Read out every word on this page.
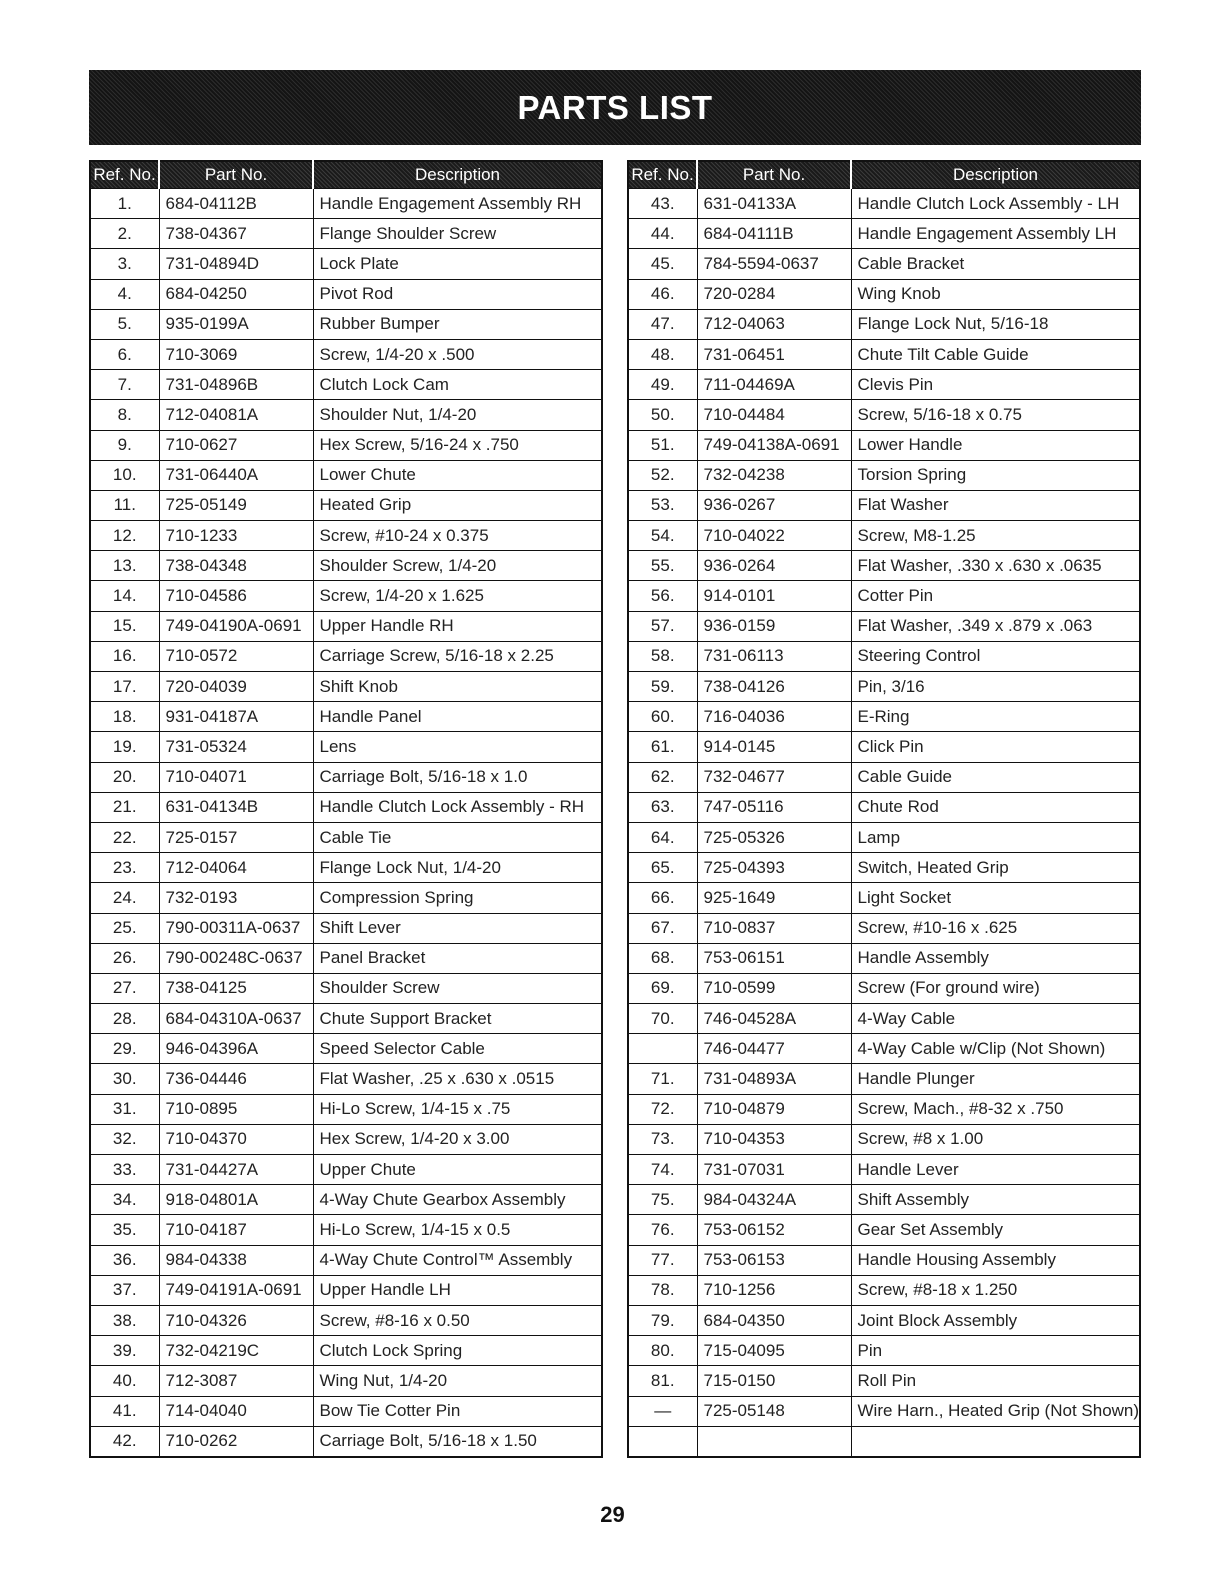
PARTS LIST
Ref. No.	Part No.	Description
1.	684-04112B	Handle Engagement Assembly RH
2.	738-04367	Flange Shoulder Screw
3.	731-04894D	Lock Plate
4.	684-04250	Pivot Rod
5.	935-0199A	Rubber Bumper
6.	710-3069	Screw, 1/4-20 x .500
7.	731-04896B	Clutch Lock Cam
8.	712-04081A	Shoulder Nut, 1/4-20
9.	710-0627	Hex Screw, 5/16-24 x .750
10.	731-06440A	Lower Chute
11.	725-05149	Heated Grip
12.	710-1233	Screw, #10-24 x 0.375
13.	738-04348	Shoulder Screw, 1/4-20
14.	710-04586	Screw, 1/4-20 x 1.625
15.	749-04190A-0691	Upper Handle RH
16.	710-0572	Carriage Screw, 5/16-18 x 2.25
17.	720-04039	Shift Knob
18.	931-04187A	Handle Panel
19.	731-05324	Lens
20.	710-04071	Carriage Bolt, 5/16-18 x 1.0
21.	631-04134B	Handle Clutch Lock Assembly - RH
22.	725-0157	Cable Tie
23.	712-04064	Flange Lock Nut, 1/4-20
24.	732-0193	Compression Spring
25.	790-00311A-0637	Shift Lever
26.	790-00248C-0637	Panel Bracket
27.	738-04125	Shoulder Screw
28.	684-04310A-0637	Chute Support Bracket
29.	946-04396A	Speed Selector Cable
30.	736-04446	Flat Washer, .25 x .630 x .0515
31.	710-0895	Hi-Lo Screw, 1/4-15 x .75
32.	710-04370	Hex Screw, 1/4-20 x 3.00
33.	731-04427A	Upper Chute
34.	918-04801A	4-Way Chute Gearbox Assembly
35.	710-04187	Hi-Lo Screw, 1/4-15 x 0.5
36.	984-04338	4-Way Chute Control™ Assembly
37.	749-04191A-0691	Upper Handle LH
38.	710-04326	Screw, #8-16 x 0.50
39.	732-04219C	Clutch Lock Spring
40.	712-3087	Wing Nut, 1/4-20
41.	714-04040	Bow Tie Cotter Pin
42.	710-0262	Carriage Bolt, 5/16-18 x 1.50
Ref. No.	Part No.	Description
43.	631-04133A	Handle Clutch Lock Assembly - LH
44.	684-04111B	Handle Engagement Assembly LH
45.	784-5594-0637	Cable Bracket
46.	720-0284	Wing Knob
47.	712-04063	Flange Lock Nut, 5/16-18
48.	731-06451	Chute Tilt Cable Guide
49.	711-04469A	Clevis Pin
50.	710-04484	Screw, 5/16-18 x 0.75
51.	749-04138A-0691	Lower Handle
52.	732-04238	Torsion Spring
53.	936-0267	Flat Washer
54.	710-04022	Screw, M8-1.25
55.	936-0264	Flat Washer, .330 x .630 x .0635
56.	914-0101	Cotter Pin
57.	936-0159	Flat Washer, .349 x .879 x .063
58.	731-06113	Steering Control
59.	738-04126	Pin, 3/16
60.	716-04036	E-Ring
61.	914-0145	Click Pin
62.	732-04677	Cable Guide
63.	747-05116	Chute Rod
64.	725-05326	Lamp
65.	725-04393	Switch, Heated Grip
66.	925-1649	Light Socket
67.	710-0837	Screw, #10-16 x .625
68.	753-06151	Handle Assembly
69.	710-0599	Screw (For ground wire)
70.	746-04528A	4-Way Cable
	746-04477	4-Way Cable w/Clip (Not Shown)
71.	731-04893A	Handle Plunger
72.	710-04879	Screw, Mach., #8-32 x .750
73.	710-04353	Screw, #8 x 1.00
74.	731-07031	Handle Lever
75.	984-04324A	Shift Assembly
76.	753-06152	Gear Set Assembly
77.	753-06153	Handle Housing Assembly
78.	710-1256	Screw, #8-18 x 1.250
79.	684-04350	Joint Block Assembly
80.	715-04095	Pin
81.	715-0150	Roll Pin
—	725-05148	Wire Harn., Heated Grip (Not Shown)

29
